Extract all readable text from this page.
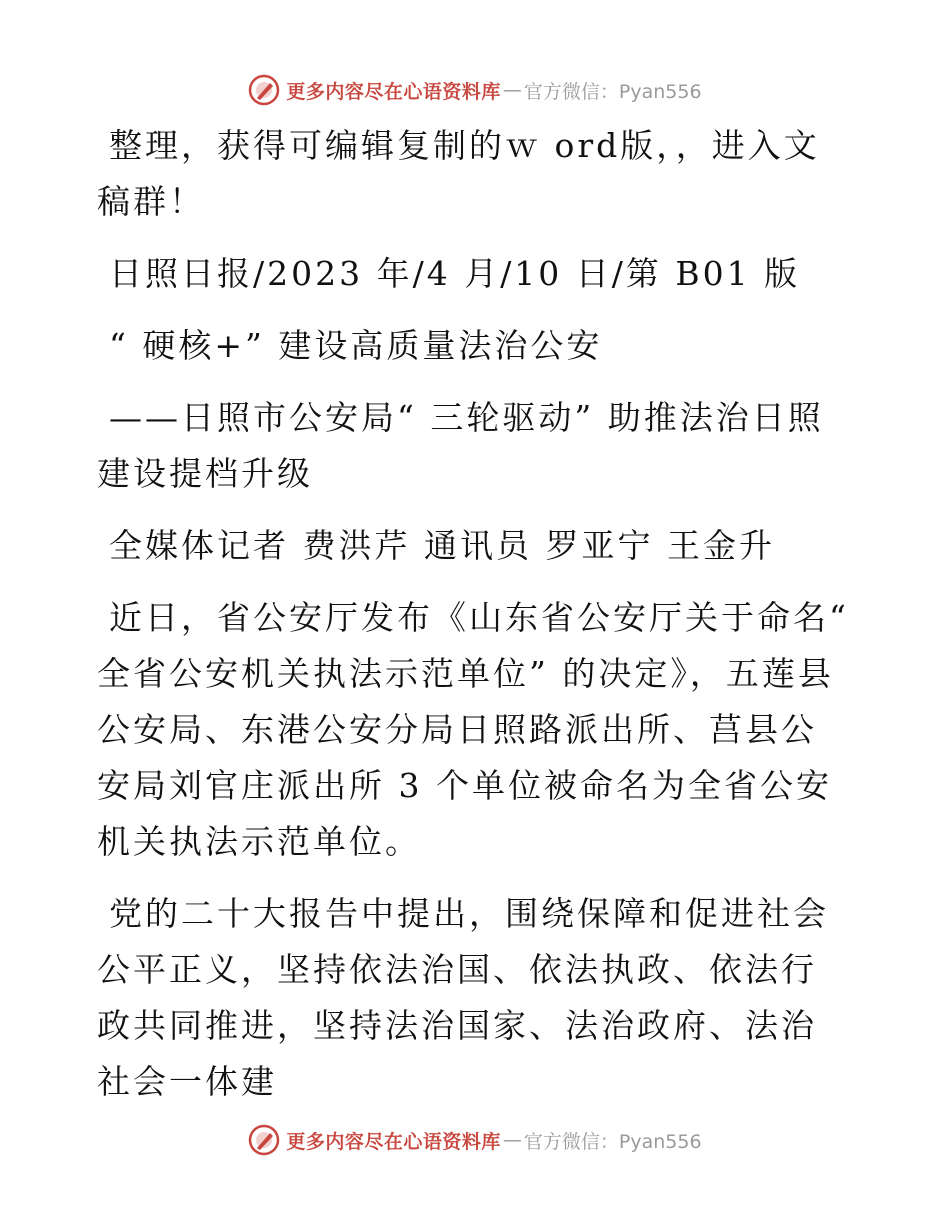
更多内容尽在心语资料库 — 官方微信：Pyan556

整理，获得可编辑复制的ｗ ord版，，进入文稿群！

日照日报/2023 年/4 月/10 日/第 B01 版

“ 硬核+” 建设高质量法治公安

——日照市公安局“ 三轮驱动” 助推法治日照建设提档升级

全媒体记者 费洪芹 通讯员 罗亚宁 王金升

近日，省公安厅发布《山东省公安厅关于命名“ 全省公安机关执法示范单位” 的决定》，五莲县公安局、东港公安分局日照路派出所、莒县公安局刘官庄派出所 3 个单位被命名为全省公安机关执法示范单位。

党的二十大报告中提出，围绕保障和促进社会公平正义，坚持依法治国、依法执政、依法行政共同推进，坚持法治国家、法治政府、法治社会一体建

更多内容尽在心语资料库 — 官方微信：Pyan556
